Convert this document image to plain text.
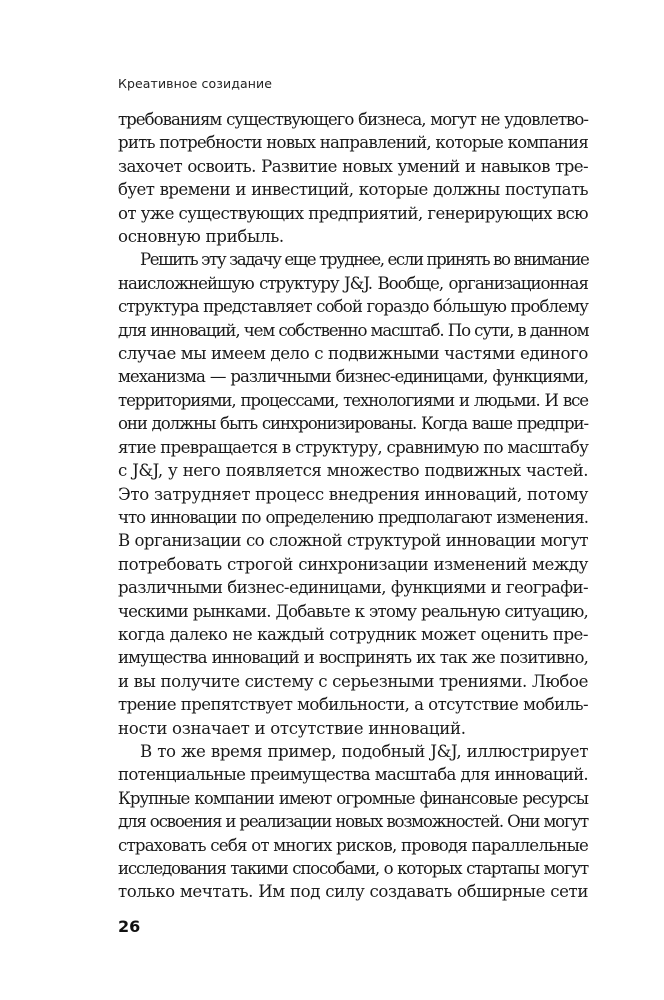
Креативное созидание
требованиям существующего бизнеса, могут не удовлетво-
рить потребности новых направлений, которые компания
захочет освоить. Развитие новых умений и навыков тре-
бует времени и инвестиций, которые должны поступать
от уже существующих предприятий, генерирующих всю
основную прибыль.
Решить эту задачу еще труднее, если принять во внимание
наисложнейшую структуру J&J. Вообще, организационная
структура представляет собой гораздо бóльшую проблему
для инноваций, чем собственно масштаб. По сути, в данном
случае мы имеем дело с подвижными частями единого
механизма — различными бизнес-единицами, функциями,
территориями, процессами, технологиями и людьми. И все
они должны быть синхронизированы. Когда ваше предпри-
ятие превращается в структуру, сравнимую по масштабу
с J&J, у него появляется множество подвижных частей.
Это затрудняет процесс внедрения инноваций, потому
что инновации по определению предполагают изменения.
В организации со сложной структурой инновации могут
потребовать строгой синхронизации изменений между
различными бизнес-единицами, функциями и географи-
ческими рынками. Добавьте к этому реальную ситуацию,
когда далеко не каждый сотрудник может оценить пре-
имущества инноваций и воспринять их так же позитивно,
и вы получите систему с серьезными трениями. Любое
трение препятствует мобильности, а отсутствие мобиль-
ности означает и отсутствие инноваций.
В то же время пример, подобный J&J, иллюстрирует
потенциальные преимущества масштаба для инноваций.
Крупные компании имеют огромные финансовые ресурсы
для освоения и реализации новых возможностей. Они могут
страховать себя от многих рисков, проводя параллельные
исследования такими способами, о которых стартапы могут
только мечтать. Им под силу создавать обширные сети
26
